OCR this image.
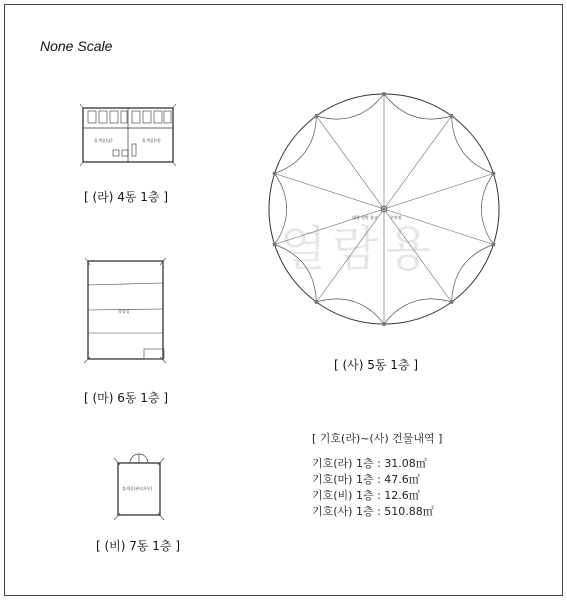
None Scale
휴게실(남)	휴게실(여)
[ (라) 4동 1층 ]
작업실
[ (마) 6동 1층 ]
휴게실(관리자동)
[ (비) 7동 1층 ]
열람용
대형 천막 창고	주차장
[ (사) 5동 1층 ]
[ 기호(라)~(사) 건물내역 ]
기호(라) 1층 : 31.08㎡
기호(마) 1층 : 47.6㎡
기호(비) 1층 : 12.6㎡
기호(사) 1층 : 510.88㎡
